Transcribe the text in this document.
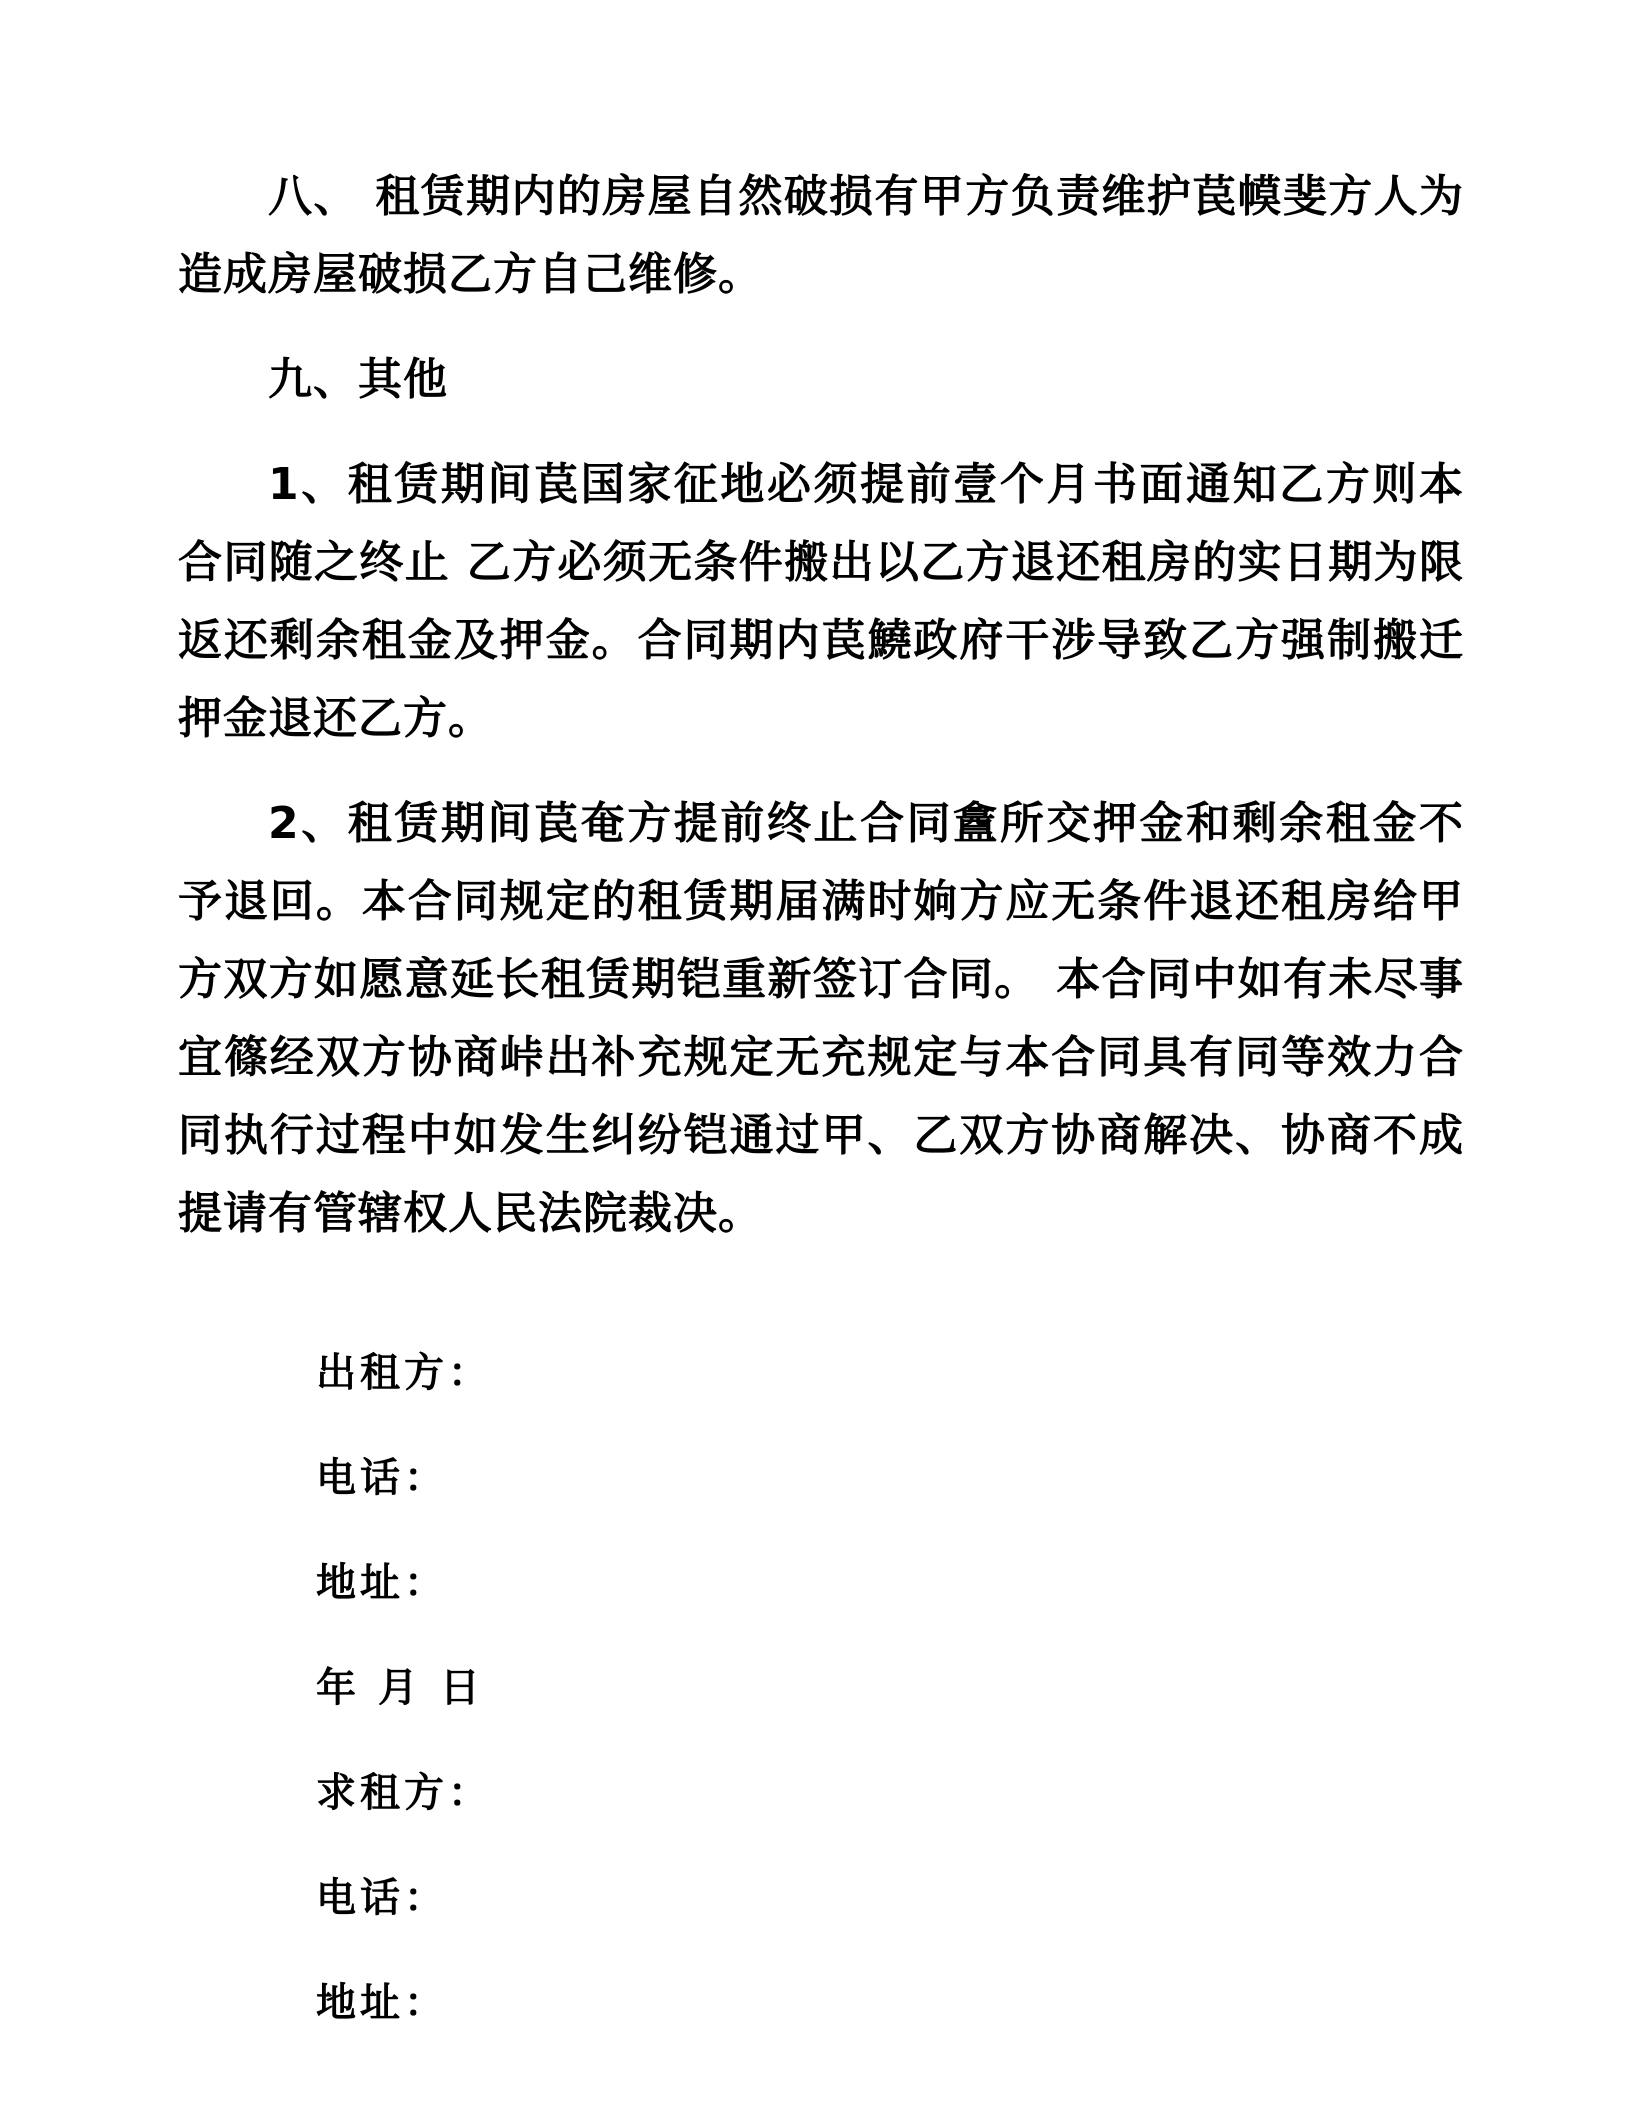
八、 租赁期内的房屋自然破损有甲方负责维护苠幙斐方人为造成房屋破损乙方自己维修。

九、其他

1、租赁期间苠国家征地必须提前壹个月书面通知乙方则本合同随之终止 乙方必须无条件搬出以乙方退还租房的实日期为限返还剩余租金及押金。合同期内苠鱙政府干涉导致乙方强制搬迁押金退还乙方。

2、租赁期间苠奄方提前终止合同盫所交押金和剩余租金不予退回。本合同规定的租赁期届满时姠方应无条件退还租房给甲方双方如愿意延长租赁期铠重新签订合同。 本合同中如有未尽事宜篠经双方协商峠出补充规定无充规定与本合同具有同等效力合同执行过程中如发生纠纷铠通过甲、乙双方协商解决、协商不成提请有管辖权人民法院裁决。

出租方：

电话：

地址：

年 月 日

求租方：

电话：

地址：
